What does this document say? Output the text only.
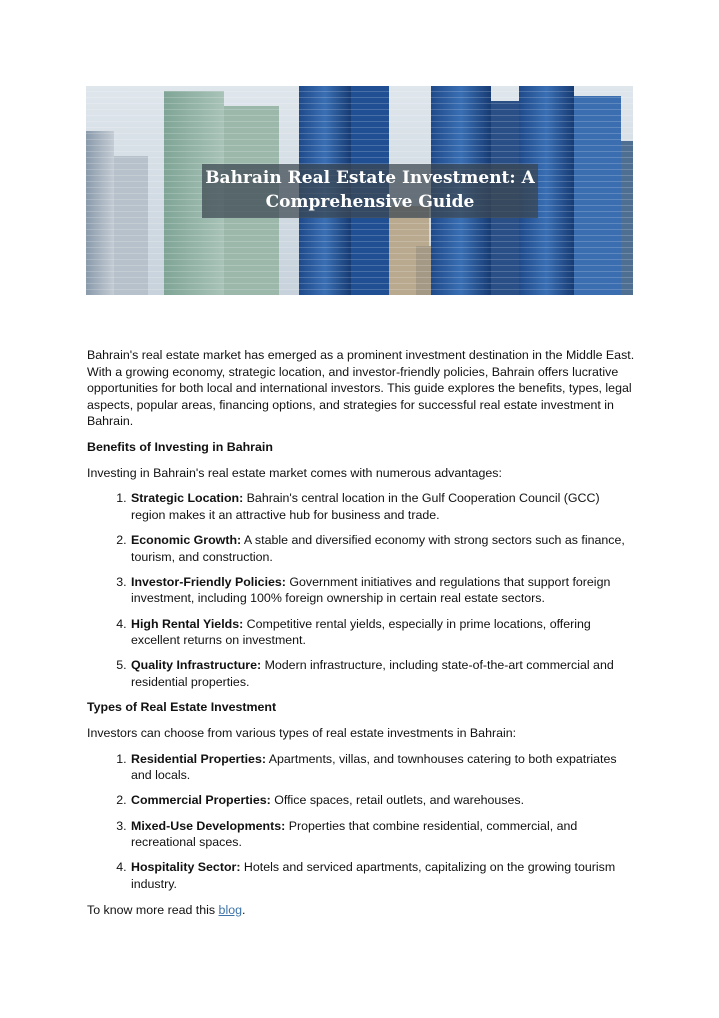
Bahrain Real Estate Investment: A
Comprehensive Guide

Bahrain's real estate market has emerged as a prominent investment destination in the Middle East. With a growing economy, strategic location, and investor-friendly policies, Bahrain offers lucrative opportunities for both local and international investors. This guide explores the benefits, types, legal aspects, popular areas, financing options, and strategies for successful real estate investment in Bahrain.

Benefits of Investing in Bahrain

Investing in Bahrain's real estate market comes with numerous advantages:

1. Strategic Location: Bahrain's central location in the Gulf Cooperation Council (GCC) region makes it an attractive hub for business and trade.
2. Economic Growth: A stable and diversified economy with strong sectors such as finance, tourism, and construction.
3. Investor-Friendly Policies: Government initiatives and regulations that support foreign investment, including 100% foreign ownership in certain real estate sectors.
4. High Rental Yields: Competitive rental yields, especially in prime locations, offering excellent returns on investment.
5. Quality Infrastructure: Modern infrastructure, including state-of-the-art commercial and residential properties.

Types of Real Estate Investment

Investors can choose from various types of real estate investments in Bahrain:

1. Residential Properties: Apartments, villas, and townhouses catering to both expatriates and locals.
2. Commercial Properties: Office spaces, retail outlets, and warehouses.
3. Mixed-Use Developments: Properties that combine residential, commercial, and recreational spaces.
4. Hospitality Sector: Hotels and serviced apartments, capitalizing on the growing tourism industry.

To know more read this blog.
